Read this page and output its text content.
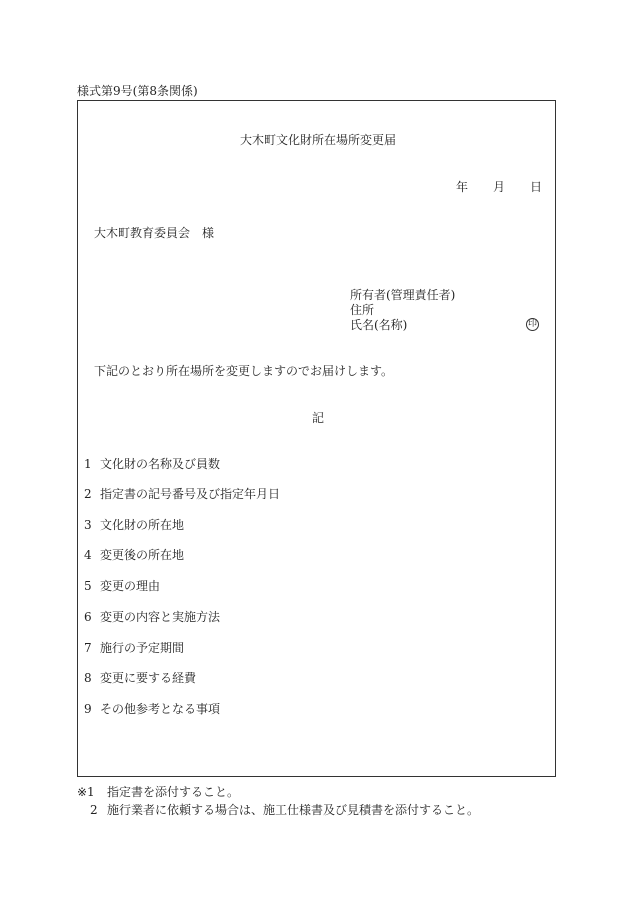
様式第9号(第8条関係)
大木町文化財所在場所変更届
年 月 日
大木町教育委員会　様
所有者(管理責任者)
住所
氏名(名称)	印
下記のとおり所在場所を変更しますのでお届けします。
記
1 文化財の名称及び員数
2 指定書の記号番号及び指定年月日
3 文化財の所在地
4 変更後の所在地
5 変更の理由
6 変更の内容と実施方法
7 施行の予定期間
8 変更に要する経費
9 その他参考となる事項
※1 指定書を添付すること。
2 施行業者に依頼する場合は、施工仕様書及び見積書を添付すること。
